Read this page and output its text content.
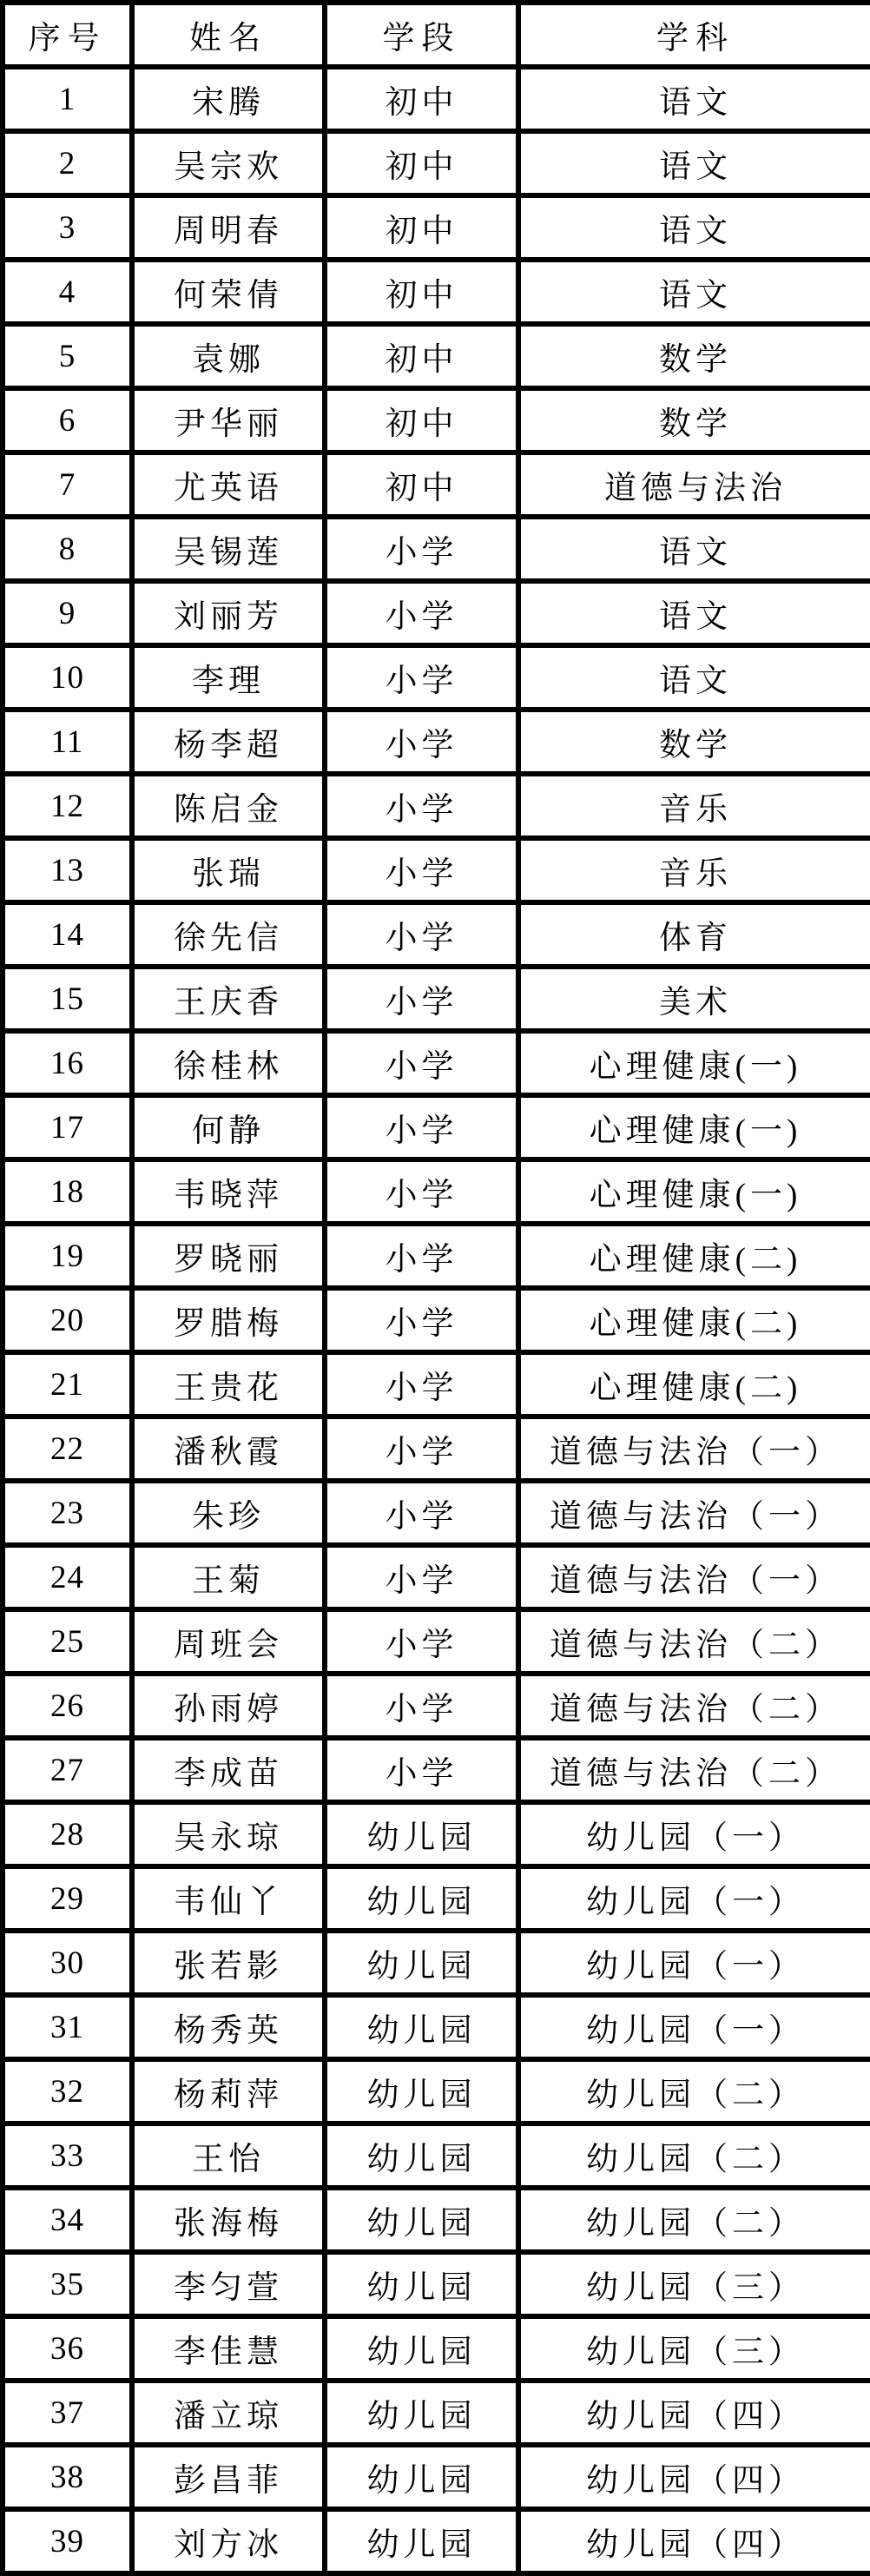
序号	姓名	学段	学科
1	宋腾	初中	语文
2	吴宗欢	初中	语文
3	周明春	初中	语文
4	何荣倩	初中	语文
5	袁娜	初中	数学
6	尹华丽	初中	数学
7	尤英语	初中	道德与法治
8	吴锡莲	小学	语文
9	刘丽芳	小学	语文
10	李理	小学	语文
11	杨李超	小学	数学
12	陈启金	小学	音乐
13	张瑞	小学	音乐
14	徐先信	小学	体育
15	王庆香	小学	美术
16	徐桂林	小学	心理健康(一)
17	何静	小学	心理健康(一)
18	韦晓萍	小学	心理健康(一)
19	罗晓丽	小学	心理健康(二)
20	罗腊梅	小学	心理健康(二)
21	王贵花	小学	心理健康(二)
22	潘秋霞	小学	道德与法治（一）
23	朱珍	小学	道德与法治（一）
24	王菊	小学	道德与法治（一）
25	周班会	小学	道德与法治（二）
26	孙雨婷	小学	道德与法治（二）
27	李成苗	小学	道德与法治（二）
28	吴永琼	幼儿园	幼儿园（一）
29	韦仙丫	幼儿园	幼儿园（一）
30	张若影	幼儿园	幼儿园（一）
31	杨秀英	幼儿园	幼儿园（一）
32	杨莉萍	幼儿园	幼儿园（二）
33	王怡	幼儿园	幼儿园（二）
34	张海梅	幼儿园	幼儿园（二）
35	李匀萱	幼儿园	幼儿园（三）
36	李佳慧	幼儿园	幼儿园（三）
37	潘立琼	幼儿园	幼儿园（四）
38	彭昌菲	幼儿园	幼儿园（四）
39	刘方冰	幼儿园	幼儿园（四）
